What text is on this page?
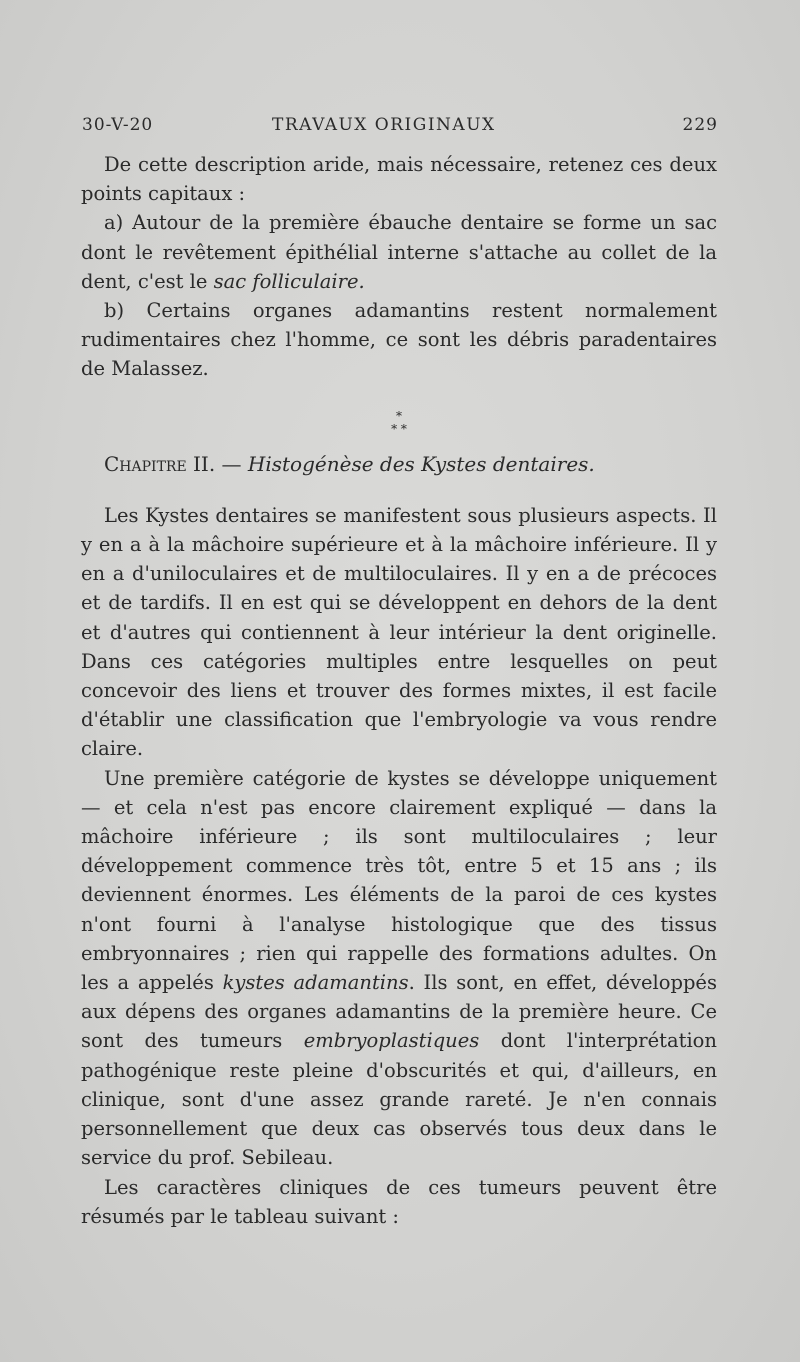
30-V-20	TRAVAUX ORIGINAUX	229

De cette description aride, mais nécessaire, retenez ces deux points capitaux :

a) Autour de la première ébauche dentaire se forme un sac dont le revêtement épithélial interne s'attache au collet de la dent, c'est le sac folliculaire.

b) Certains organes adamantins restent normalement rudimentaires chez l'homme, ce sont les débris paradentaires de Malassez.

*
* *

Chapitre II. — Histogénèse des Kystes dentaires.

Les Kystes dentaires se manifestent sous plusieurs aspects. Il y en a à la mâchoire supérieure et à la mâchoire inférieure. Il y en a d'uniloculaires et de multiloculaires. Il y en a de précoces et de tardifs. Il en est qui se développent en dehors de la dent et d'autres qui contiennent à leur intérieur la dent originelle. Dans ces catégories multiples entre lesquelles on peut concevoir des liens et trouver des formes mixtes, il est facile d'établir une classification que l'embryologie va vous rendre claire.

Une première catégorie de kystes se développe uniquement — et cela n'est pas encore clairement expliqué — dans la mâchoire inférieure ; ils sont multiloculaires ; leur développement commence très tôt, entre 5 et 15 ans ; ils deviennent énormes. Les éléments de la paroi de ces kystes n'ont fourni à l'analyse histologique que des tissus embryonnaires ; rien qui rappelle des formations adultes. On les a appelés kystes adamantins. Ils sont, en effet, développés aux dépens des organes adamantins de la première heure. Ce sont des tumeurs embryoplastiques dont l'interprétation pathogénique reste pleine d'obscurités et qui, d'ailleurs, en clinique, sont d'une assez grande rareté. Je n'en connais personnellement que deux cas observés tous deux dans le service du prof. Sebileau.

Les caractères cliniques de ces tumeurs peuvent être résumés par le tableau suivant :
